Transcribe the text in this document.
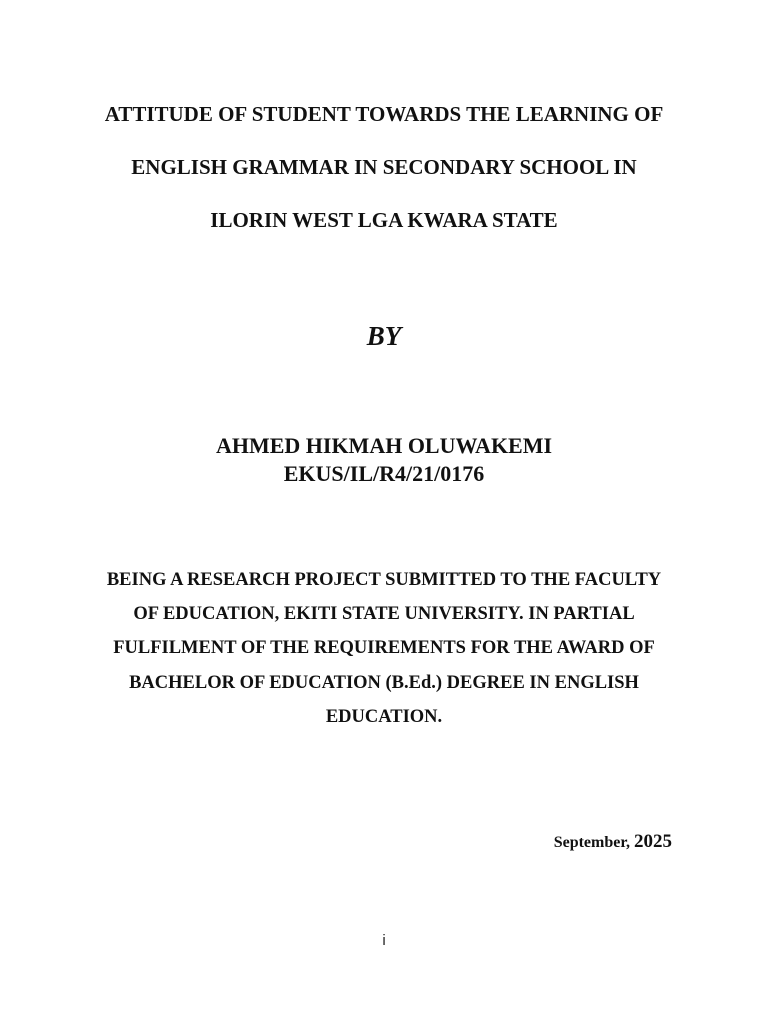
ATTITUDE OF STUDENT TOWARDS THE LEARNING OF
ENGLISH GRAMMAR IN SECONDARY SCHOOL IN
ILORIN WEST LGA KWARA STATE
BY
AHMED HIKMAH OLUWAKEMI
EKUS/IL/R4/21/0176
BEING A RESEARCH PROJECT SUBMITTED TO THE FACULTY
OF EDUCATION, EKITI STATE UNIVERSITY. IN PARTIAL
FULFILMENT OF THE REQUIREMENTS FOR THE AWARD OF
BACHELOR OF EDUCATION (B.Ed.) DEGREE IN ENGLISH
EDUCATION.
September, 2025
i
